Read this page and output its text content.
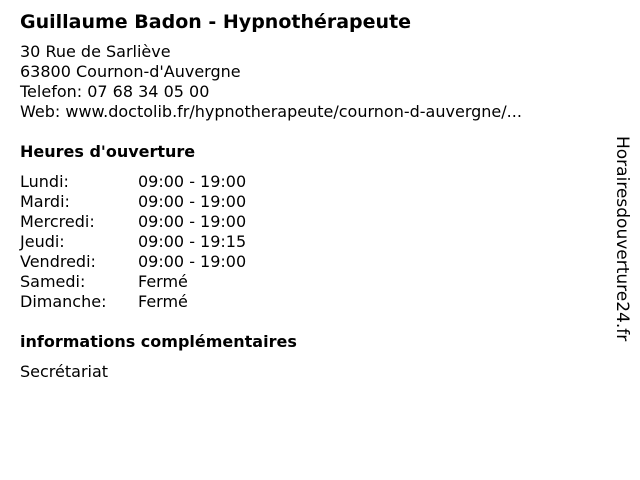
Guillaume Badon - Hypnothérapeute
30 Rue de Sarliève
63800 Cournon-d'Auvergne
Telefon: 07 68 34 05 00
Web: www.doctolib.fr/hypnotherapeute/cournon-d-auvergne/...
Heures d'ouverture
Lundi:	09:00 - 19:00
Mardi:	09:00 - 19:00
Mercredi:	09:00 - 19:00
Jeudi:	09:00 - 19:15
Vendredi:	09:00 - 19:00
Samedi:	Fermé
Dimanche:	Fermé
informations complémentaires
Secrétariat
Horairesdouverture24.fr
